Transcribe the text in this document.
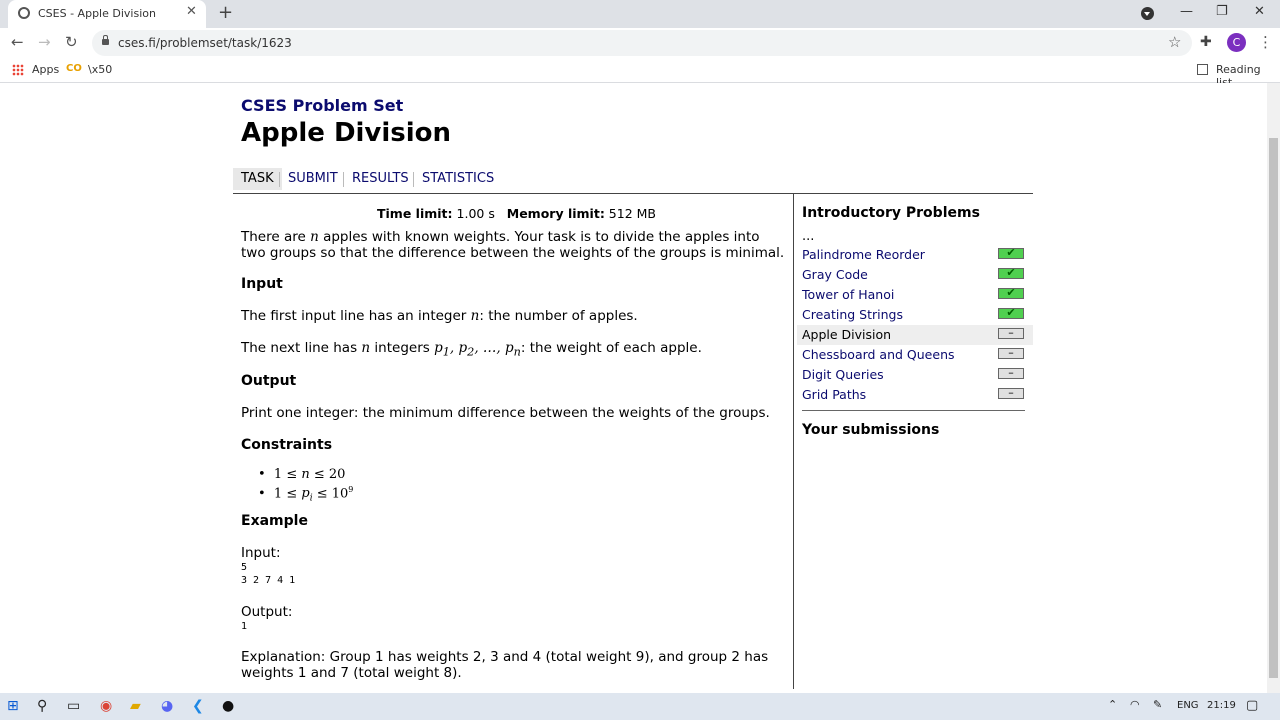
CSES - Apple Division ✕ +	— ❐ ✕
← → ↻	cses.fi/problemset/task/1623	☆ ✚	C	⋮
Apps CO \x50	Reading
CSES Problem Set
Apple Division
TASK	SUBMIT	RESULTS	STATISTICS
Time limit: 1.00 s Memory limit: 512 MB
There are n apples with known weights. Your task is to divide the apples into two groups so that the difference between the weights of the groups is minimal.
Input
The first input line has an integer n: the number of apples.
The next line has n integers $p_1$, $p_2$, …, $p_n$: the weight of each apple.
Output
Print one integer: the minimum difference between the weights of the groups.
Constraints
•  1 ≤ n ≤ 20
•  $1 \le p_i \le 10^9$
Example
Input:
5
3 2 7 4 1
Output:
1
Explanation: Group 1 has weights 2, 3 and 4 (total weight 9), and group 2 has weights 1 and 7 (total weight 8).
Introductory Problems
...
Palindrome Reorder	✔
Gray Code	✔
Tower of Hanoi	✔
Creating Strings	✔
Apple Division	–
Chessboard and Queens	–
Digit Queries	–
Grid Paths	–
Your submissions
⊞ ⚲ ▭ ◉ ▰ ◕ ❮ ●	⌃ ◠ ✎ ENG 21:19 ▢
